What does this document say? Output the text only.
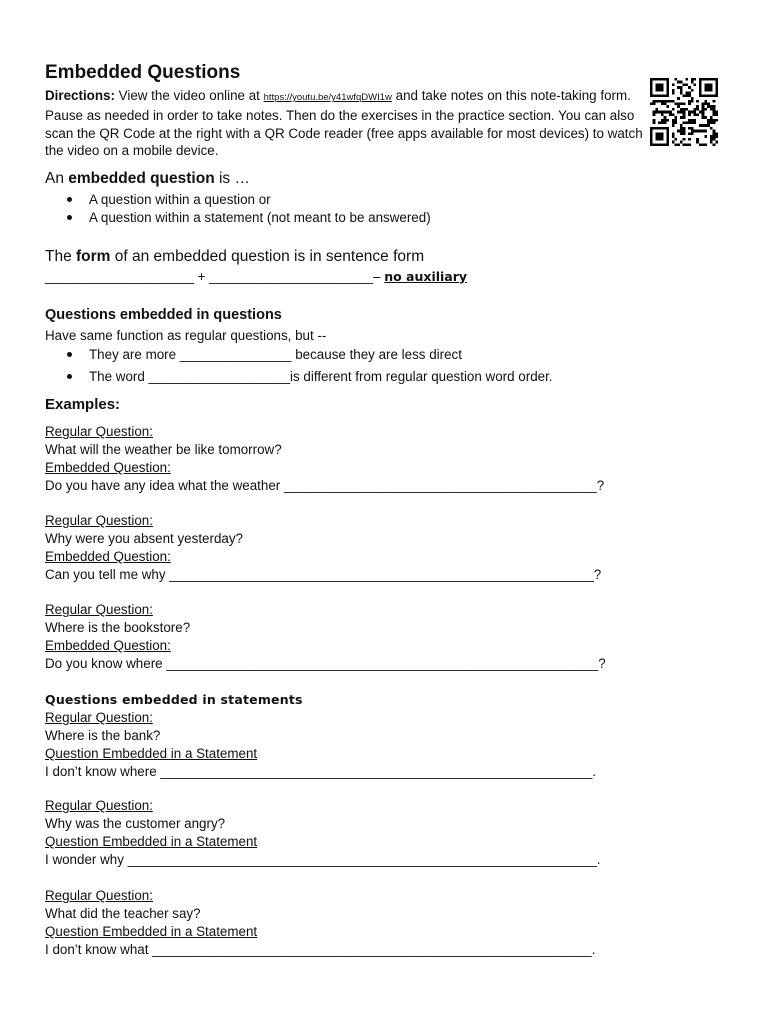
Embedded Questions
Directions: View the video online at https://youtu.be/y41wfqDWI1w and take notes on this note-taking form. Pause as needed in order to take notes. Then do the exercises in the practice section. You can also scan the QR Code at the right with a QR Code reader (free apps available for most devices) to watch the video on a mobile device.
An embedded question is …
A question within a question or
A question within a statement (not meant to be answered)
The form of an embedded question is in sentence form
____________________ + ______________________– no auxiliary
Questions embedded in questions
Have same function as regular questions, but --
They are more _______________ because they are less direct
The word ___________________is different from regular question word order.
Examples:
Regular Question:
What will the weather be like tomorrow?
Embedded Question:
Do you have any idea what the weather __________________________________________?
Regular Question:
Why were you absent yesterday?
Embedded Question:
Can you tell me why _________________________________________________________?
Regular Question:
Where is the bookstore?
Embedded Question:
Do you know where __________________________________________________________?
Questions embedded in statements
Regular Question:
Where is the bank?
Question Embedded in a Statement
I don’t know where __________________________________________________________.
Regular Question:
Why was the customer angry?
Question Embedded in a Statement
I wonder why _______________________________________________________________.
Regular Question:
What did the teacher say?
Question Embedded in a Statement
I don’t know what ___________________________________________________________.
